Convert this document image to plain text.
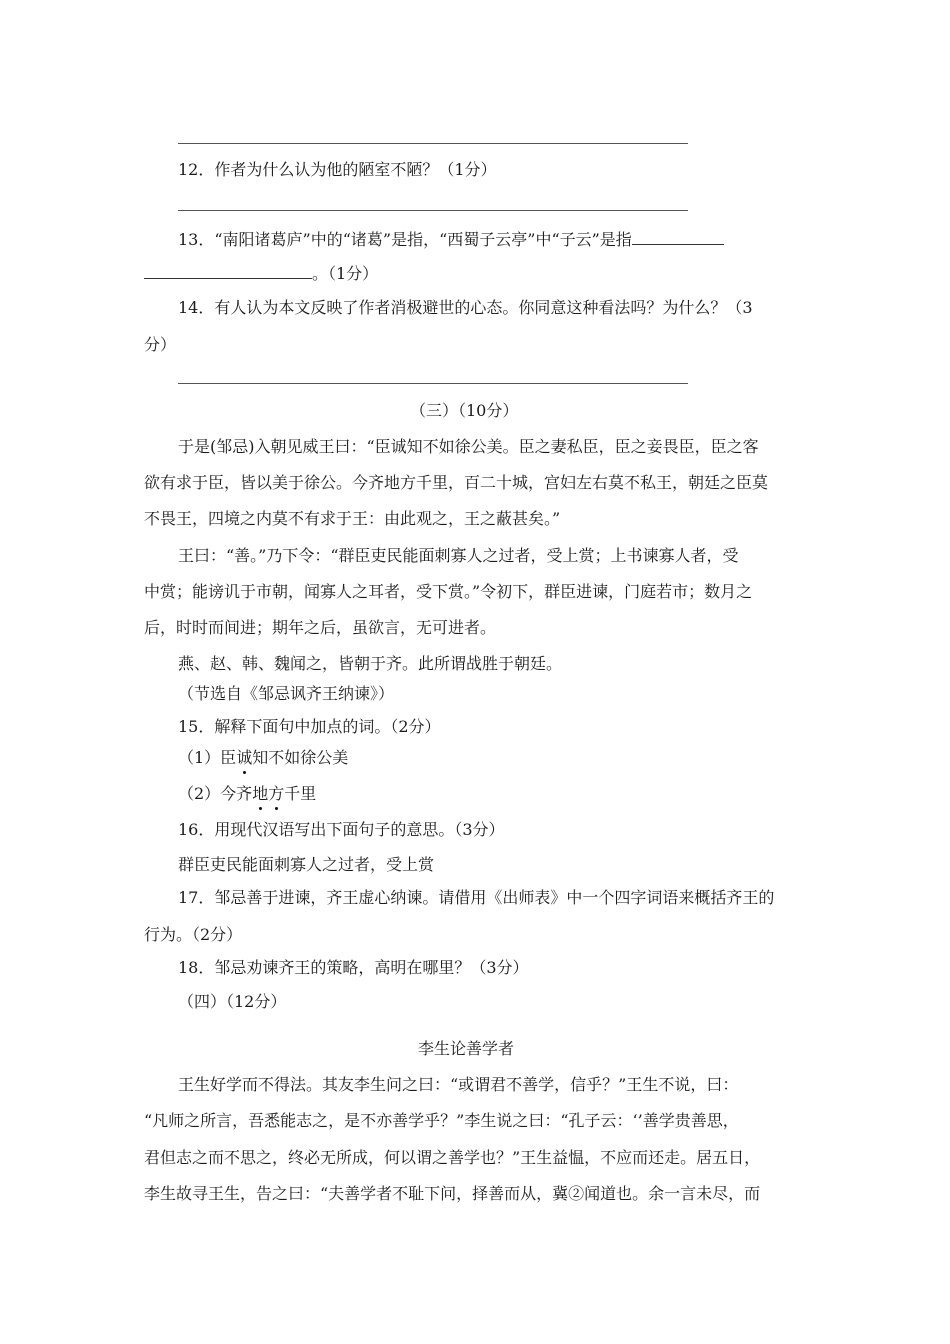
12．作者为什么认为他的陋室不陋？（1分）
13．“南阳诸葛庐”中的“诸葛”是指，“西蜀子云亭”中“子云”是指
。（1分）
14．有人认为本文反映了作者消极避世的心态。你同意这种看法吗？为什么？（3
分）
（三）（10分）
于是(邹忌)入朝见威王曰：“臣诚知不如徐公美。臣之妻私臣，臣之妾畏臣，臣之客
欲有求于臣，皆以美于徐公。今齐地方千里，百二十城，宫妇左右莫不私王，朝廷之臣莫
不畏王，四境之内莫不有求于王：由此观之，王之蔽甚矣。”
王曰：“善。”乃下令：“群臣吏民能面刺寡人之过者，受上赏；上书谏寡人者，受
中赏；能谤讥于市朝，闻寡人之耳者，受下赏。”令初下，群臣进谏，门庭若市；数月之
后，时时而间进；期年之后，虽欲言，无可进者。
燕、赵、韩、魏闻之，皆朝于齐。此所谓战胜于朝廷。
（节选自《邹忌讽齐王纳谏》）
15．解释下面句中加点的词。（2分）
（1）臣诚知不如徐公美
（2）今齐地方千里
16．用现代汉语写出下面句子的意思。（3分）
群臣吏民能面刺寡人之过者，受上赏
17．邹忌善于进谏，齐王虚心纳谏。请借用《出师表》中一个四字词语来概括齐王的
行为。（2分）
18．邹忌劝谏齐王的策略，高明在哪里？（3分）
（四）（12分）
李生论善学者
王生好学而不得法。其友李生问之曰：“或谓君不善学，信乎？”王生不说，曰：
“凡师之所言，吾悉能志之，是不亦善学乎？”李生说之曰：“孔子云：‘’善学贵善思，
君但志之而不思之，终必无所成，何以谓之善学也？”王生益愠，不应而还走。居五日，
李生故寻王生，告之曰：“夫善学者不耻下问，择善而从，冀②闻道也。余一言未尽，而
